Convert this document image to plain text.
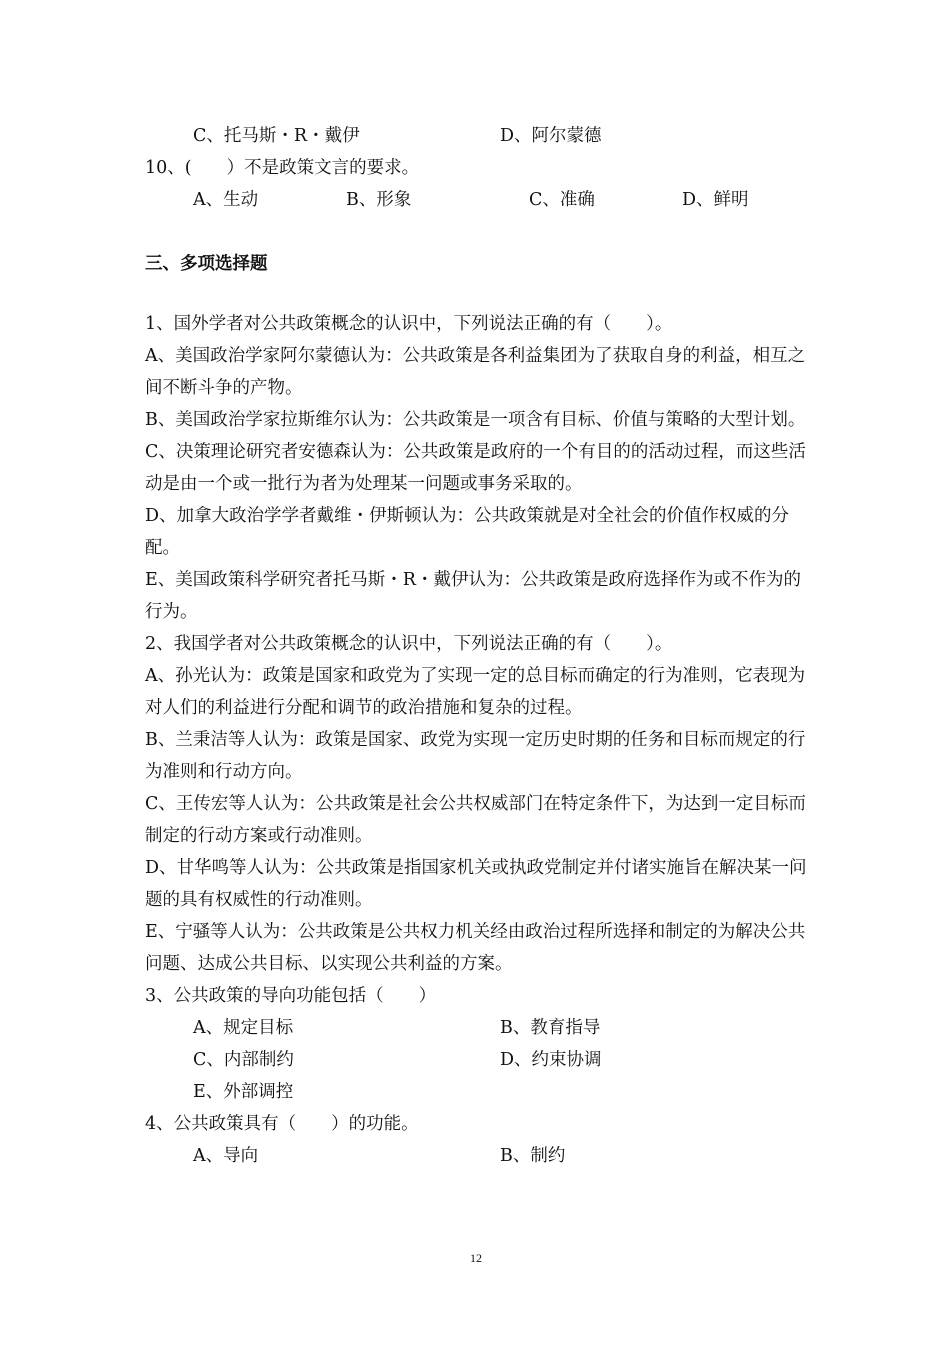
C、托马斯・R・戴伊	D、阿尔蒙德
10、(　　）不是政策文言的要求。
A、生动	B、形象	C、准确	D、鲜明
三、多项选择题
1、国外学者对公共政策概念的认识中，下列说法正确的有（　　）。
A、美国政治学家阿尔蒙德认为：公共政策是各利益集团为了获取自身的利益，相互之间不断斗争的产物。
B、美国政治学家拉斯维尔认为：公共政策是一项含有目标、价值与策略的大型计划。
C、决策理论研究者安德森认为：公共政策是政府的一个有目的的活动过程，而这些活动是由一个或一批行为者为处理某一问题或事务采取的。
D、加拿大政治学学者戴维・伊斯顿认为：公共政策就是对全社会的价值作权威的分配。
E、美国政策科学研究者托马斯・R・戴伊认为：公共政策是政府选择作为或不作为的行为。
2、我国学者对公共政策概念的认识中，下列说法正确的有（　　）。
A、孙光认为：政策是国家和政党为了实现一定的总目标而确定的行为准则，它表现为对人们的利益进行分配和调节的政治措施和复杂的过程。
B、兰秉洁等人认为：政策是国家、政党为实现一定历史时期的任务和目标而规定的行为准则和行动方向。
C、王传宏等人认为：公共政策是社会公共权威部门在特定条件下，为达到一定目标而制定的行动方案或行动准则。
D、甘华鸣等人认为：公共政策是指国家机关或执政党制定并付诸实施旨在解决某一问题的具有权威性的行动准则。
E、宁骚等人认为：公共政策是公共权力机关经由政治过程所选择和制定的为解决公共问题、达成公共目标、以实现公共利益的方案。
3、公共政策的导向功能包括（　　）
A、规定目标	B、教育指导
C、内部制约	D、约束协调
E、外部调控
4、公共政策具有（　　）的功能。
A、导向	B、制约
12
